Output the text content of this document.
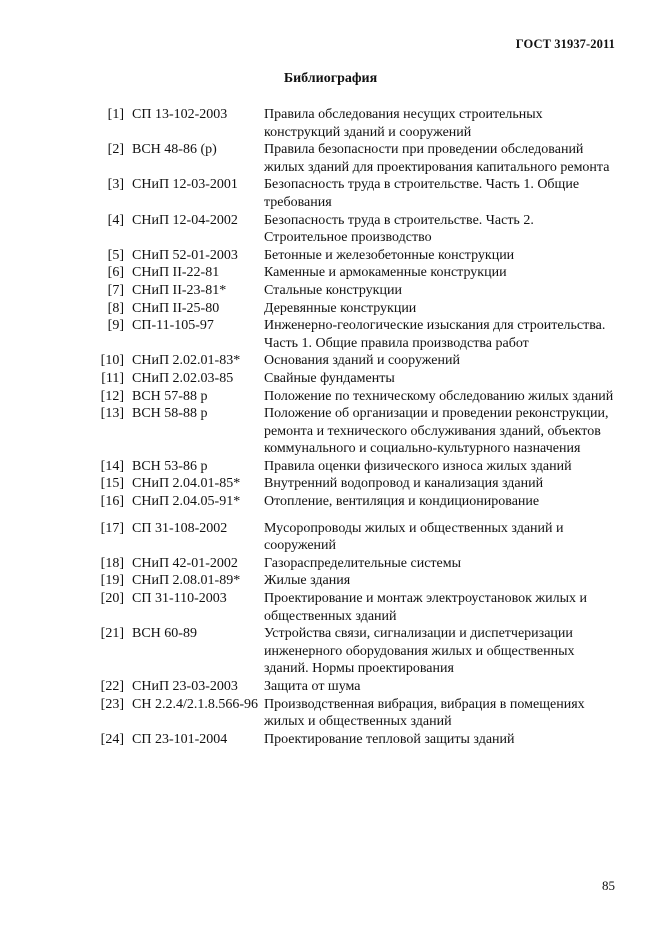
ГОСТ 31937-2011
Библиография
[1] СП 13-102-2003	Правила обследования несущих строительных конструкций зданий и сооружений
[2] ВСН 48-86 (р)	Правила безопасности при проведении обследований жилых зданий для проектирования капитального ремонта
[3] СНиП 12-03-2001	Безопасность труда в строительстве. Часть 1. Общие требования
[4] СНиП 12-04-2002	Безопасность труда в строительстве. Часть 2. Строительное производство
[5] СНиП 52-01-2003	Бетонные и железобетонные конструкции
[6] СНиП II-22-81	Каменные и армокаменные конструкции
[7] СНиП II-23-81*	Стальные конструкции
[8] СНиП II-25-80	Деревянные конструкции
[9] СП-11-105-97	Инженерно-геологические изыскания для строительства. Часть 1. Общие правила производства работ
[10] СНиП 2.02.01-83*	Основания зданий и сооружений
[11] СНиП 2.02.03-85	Свайные фундаменты
[12] ВСН 57-88 р	Положение по техническому обследованию жилых зданий
[13] ВСН 58-88 р	Положение об организации и проведении реконструкции, ремонта и технического обслуживания зданий, объектов коммунального и социально-культурного назначения
[14] ВСН 53-86 р	Правила оценки физического износа жилых зданий
[15] СНиП 2.04.01-85*	Внутренний водопровод и канализация зданий
[16] СНиП 2.04.05-91*	Отопление, вентиляция и кондиционирование
[17] СП 31-108-2002	Мусоропроводы жилых и общественных зданий и сооружений
[18] СНиП 42-01-2002	Газораспределительные системы
[19] СНиП 2.08.01-89*	Жилые здания
[20] СП 31-110-2003	Проектирование и монтаж электроустановок жилых и общественных зданий
[21] ВСН 60-89	Устройства связи, сигнализации и диспетчеризации инженерного оборудования жилых и общественных зданий. Нормы проектирования
[22] СНиП 23-03-2003	Защита от шума
[23] СН 2.2.4/2.1.8.566-96 Производственная вибрация, вибрация в помещениях жилых и общественных зданий
[24] СП 23-101-2004	Проектирование тепловой защиты зданий
85
